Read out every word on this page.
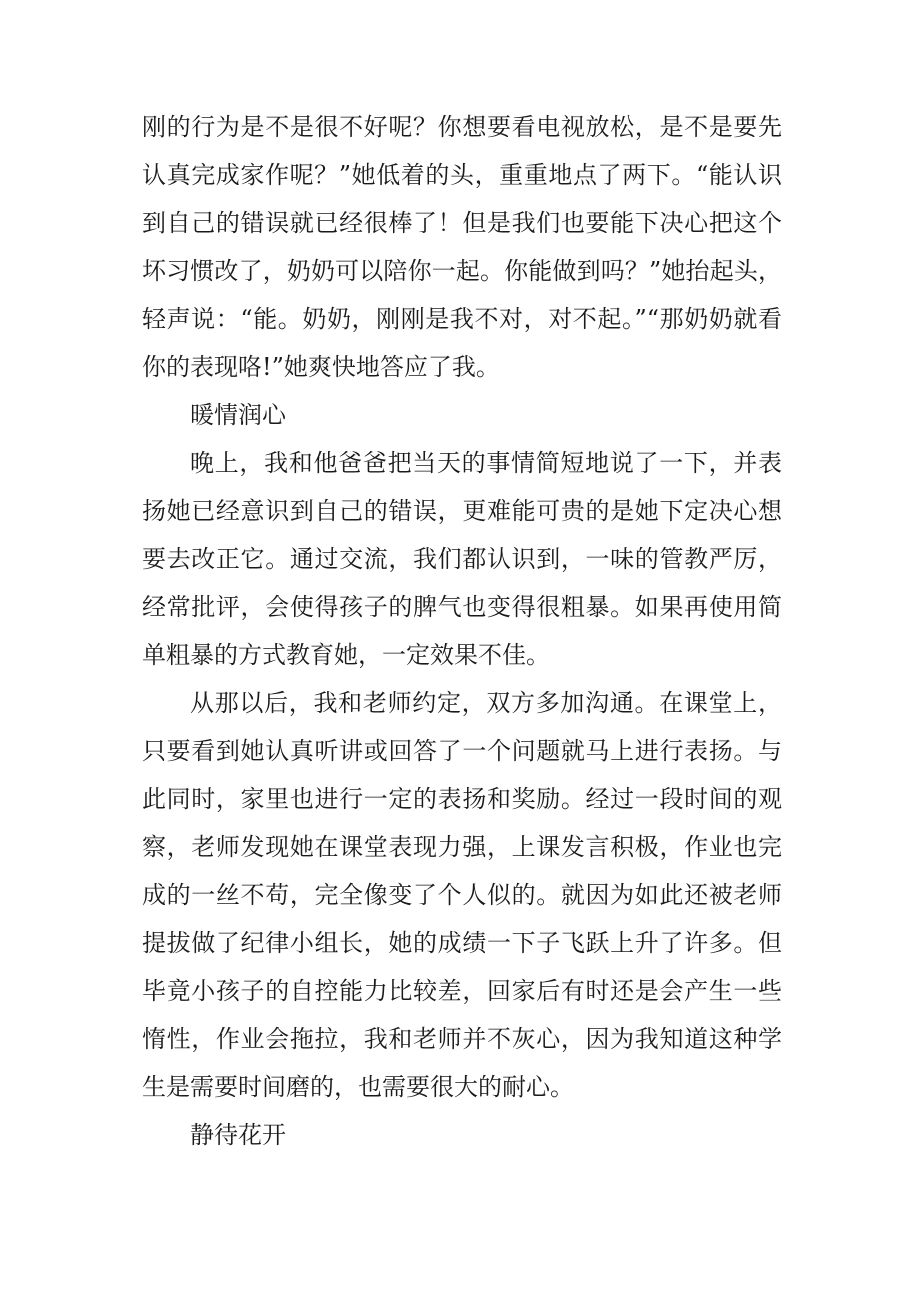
刚的行为是不是很不好呢？你想要看电视放松，是不是要先认真完成家作呢？”她低着的头，重重地点了两下。“能认识到自己的错误就已经很棒了！但是我们也要能下决心把这个坏习惯改了，奶奶可以陪你一起。你能做到吗？”她抬起头，轻声说：“能。奶奶，刚刚是我不对，对不起。”“那奶奶就看你的表现咯!”她爽快地答应了我。

暖情润心

晚上，我和他爸爸把当天的事情简短地说了一下，并表扬她已经意识到自己的错误，更难能可贵的是她下定决心想要去改正它。通过交流，我们都认识到，一味的管教严厉，经常批评，会使得孩子的脾气也变得很粗暴。如果再使用简单粗暴的方式教育她，一定效果不佳。

从那以后，我和老师约定，双方多加沟通。在课堂上，只要看到她认真听讲或回答了一个问题就马上进行表扬。与此同时，家里也进行一定的表扬和奖励。经过一段时间的观察，老师发现她在课堂表现力强，上课发言积极，作业也完成的一丝不苟，完全像变了个人似的。就因为如此还被老师提拔做了纪律小组长，她的成绩一下子飞跃上升了许多。但毕竟小孩子的自控能力比较差，回家后有时还是会产生一些惰性，作业会拖拉，我和老师并不灰心，因为我知道这种学生是需要时间磨的，也需要很大的耐心。

静待花开
